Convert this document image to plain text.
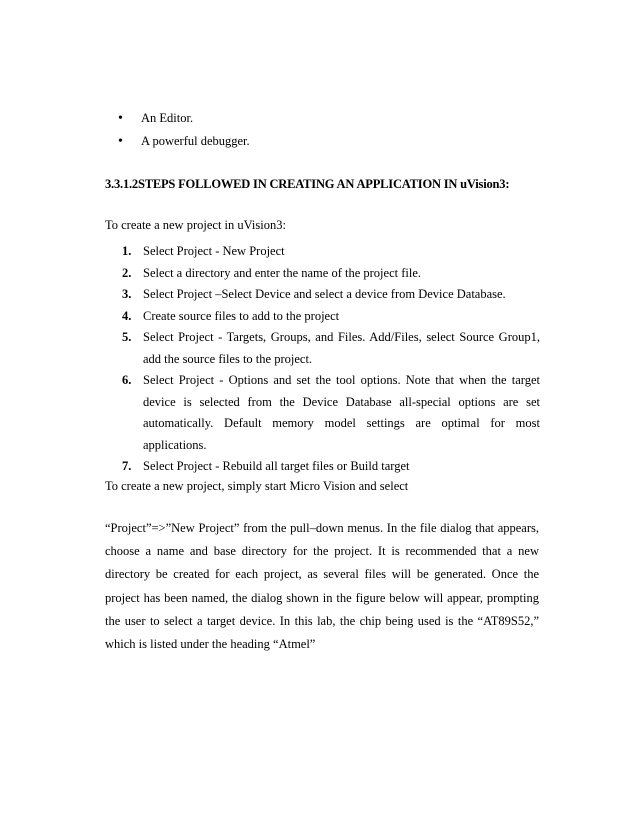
• An Editor.
• A powerful debugger.
3.3.1.2STEPS FOLLOWED IN CREATING AN APPLICATION IN uVision3:
To create a new project in uVision3:
1. Select Project - New Project
2. Select a directory and enter the name of the project file.
3. Select Project –Select Device and select a device from Device Database.
4. Create source files to add to the project
5. Select Project - Targets, Groups, and Files. Add/Files, select Source Group1, add the source files to the project.
6. Select Project - Options and set the tool options. Note that when the target device is selected from the Device Database all-special options are set automatically. Default memory model settings are optimal for most applications.
7. Select Project - Rebuild all target files or Build target
To create a new project, simply start Micro Vision and select

“Project”=>”New Project” from the pull–down menus. In the file dialog that appears, choose a name and base directory for the project. It is recommended that a new directory be created for each project, as several files will be generated. Once the project has been named, the dialog shown in the figure below will appear, prompting the user to select a target device. In this lab, the chip being used is the “AT89S52,” which is listed under the heading “Atmel”
